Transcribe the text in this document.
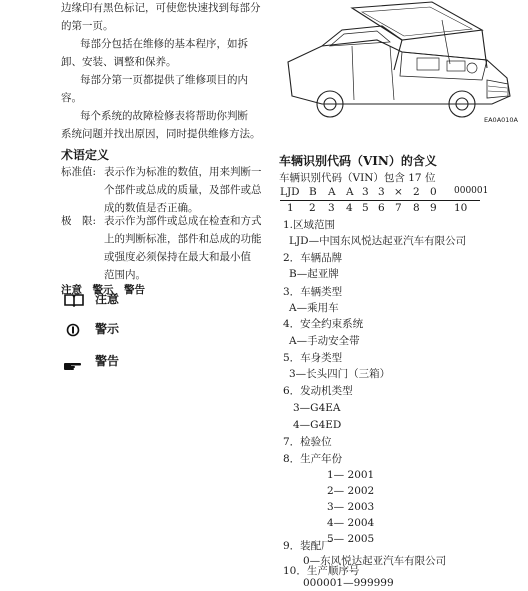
边缘印有黑色标记，可使您快速找到每部分
的第一页。
每部分包括在维修的基本程序，如拆
卸、安装、调整和保养。
每部分第一页都提供了维修项目的内
容。
每个系统的故障检修表将帮助你判断
系统问题并找出原因，同时提供维修方法。
EA0A010A
术语定义
标准值: 表示作为标准的数值，用来判断一
个部件或总成的质量，及部件或总
成的数值是否正确。
极　限: 表示作为部件或总成在检查和方式
上的判断标准，部件和总成的功能
或强度必须保持在最大和最小值
范围内。
注意　警示　警告
注意
警示
警告
车辆识别代码（VIN）的含义
车辆识别代码（VIN）包含 17 位
LJD B A A 3 3 × 2 0 000001
1 2 3 4 5 6 7 8 9 10
1.区域范围
LJD—中国东风悦达起亚汽车有限公司
2．车辆品牌
B—起亚牌
3．车辆类型
A—乘用车
4．安全约束系统
A—手动安全带
5．车身类型
3—长头四门（三箱）
6．发动机类型
3—G4EA
4—G4ED
7．检验位
8．生产年份
1— 2001
2— 2002
3— 2003
4— 2004
5— 2005
9．装配厂
0—东风悦达起亚汽车有限公司
10．生产顺序号
000001—999999
